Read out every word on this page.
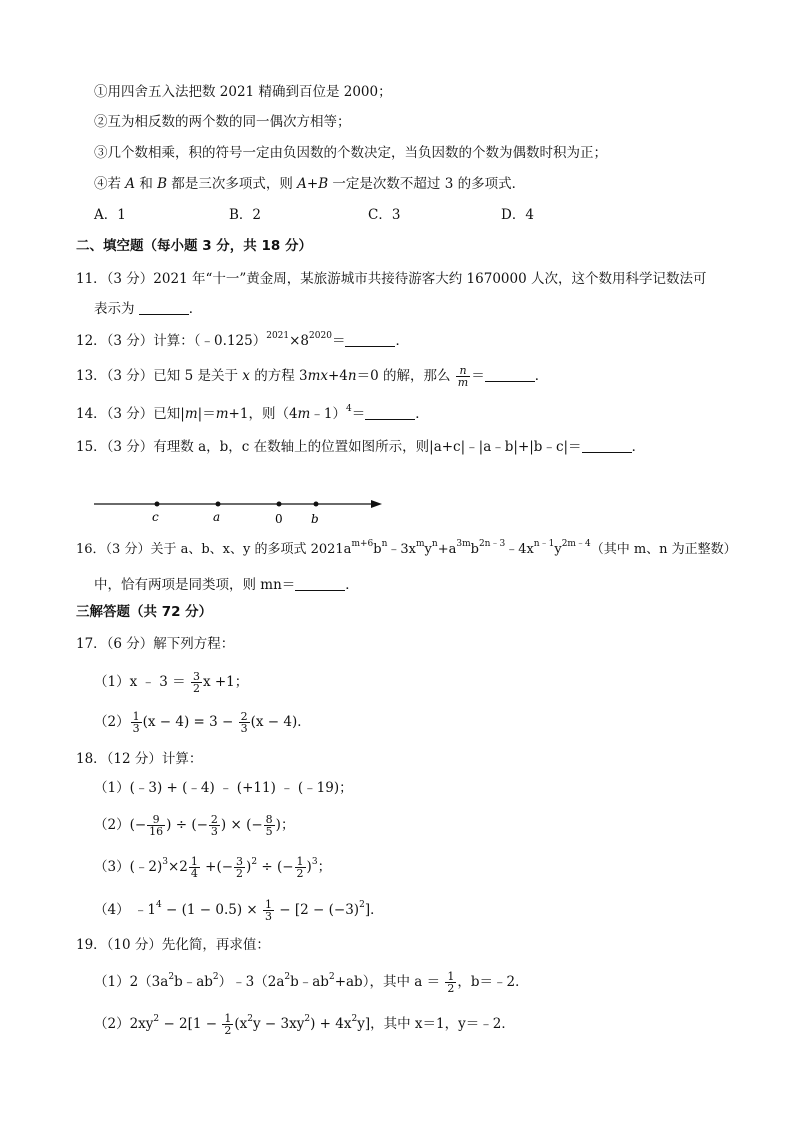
①用四舍五入法把数 2021 精确到百位是 2000；
②互为相反数的两个数的同一偶次方相等；
③几个数相乘，积的符号一定由负因数的个数决定，当负因数的个数为偶数时积为正；
④若 A 和 B 都是三次多项式，则 A+B 一定是次数不超过 3 的多项式．
A．1	B．2	C．3	D．4
二、填空题（每小题 3 分，共 18 分）
11．（3 分）2021 年“十一”黄金周，某旅游城市共接待游客大约 1670000 人次，这个数用科学记数法可
表示为	．
12．（3 分）计算：$(﹣0.125)^{2021}\times 8^{2020}=$	．
13．（3 分）已知 5 是关于 x 的方程 3mx+4n＝0 的解，那么 $\frac{n}{m}$ ＝	．
14．（3 分）已知|m|＝m+1，则（4m﹣1）$^4$＝	．
15．（3 分）有理数 a，b，c 在数轴上的位置如图所示，则|a+c|﹣|a﹣b|+|b﹣c|＝	．
c	a	0 b
16．（3 分）关于 a、b、x、y 的多项式 $2021a^{m+6}b^n﹣3x^my^n+a^{3m}b^{2n﹣3}﹣4x^{n﹣1}y^{2m﹣4}$（其中 m、n 为正整数）
中，恰有两项是同类项，则 mn＝	．
三解答题（共 72 分）
17．（6 分）解下列方程：
（1）x ﹣ $3 = \frac{3}{2}$ x +1；
$(2) \frac{1}{3} (x - 4) = 3 - \frac{2}{3} (x - 4)$．
18．（12 分）计算：
（1）(﹣3) + (﹣4) ﹣ (+11) ﹣ (﹣19)；
$(2)(- \frac{9}{16}$ ) ÷ (− $\frac{2}{3}$ ) × (− $\frac{8}{5}$ )；
（3）(﹣2)$^3$×2 $\frac{1}{4}$ +(− $\frac{3}{2} )^2$ ÷ (− $\frac{1}{2} )^3$；
（4） $﹣1^4 - (1 - 0.5) \times \frac{1}{3} - [2 - (-3)^2]$．
19．（10 分）先化简，再求值：
$(1)2(3a^2b﹣ab^2)﹣3(2a^2b﹣ab^2+ab)$，其中 $a = \frac{1}{2}$ ，b＝﹣2．
$(2)2xy^2 - 2[1 - \frac{1}{2} (x^2y - 3xy^2) + 4x^2y]$，其中 x＝1，y＝﹣2．
